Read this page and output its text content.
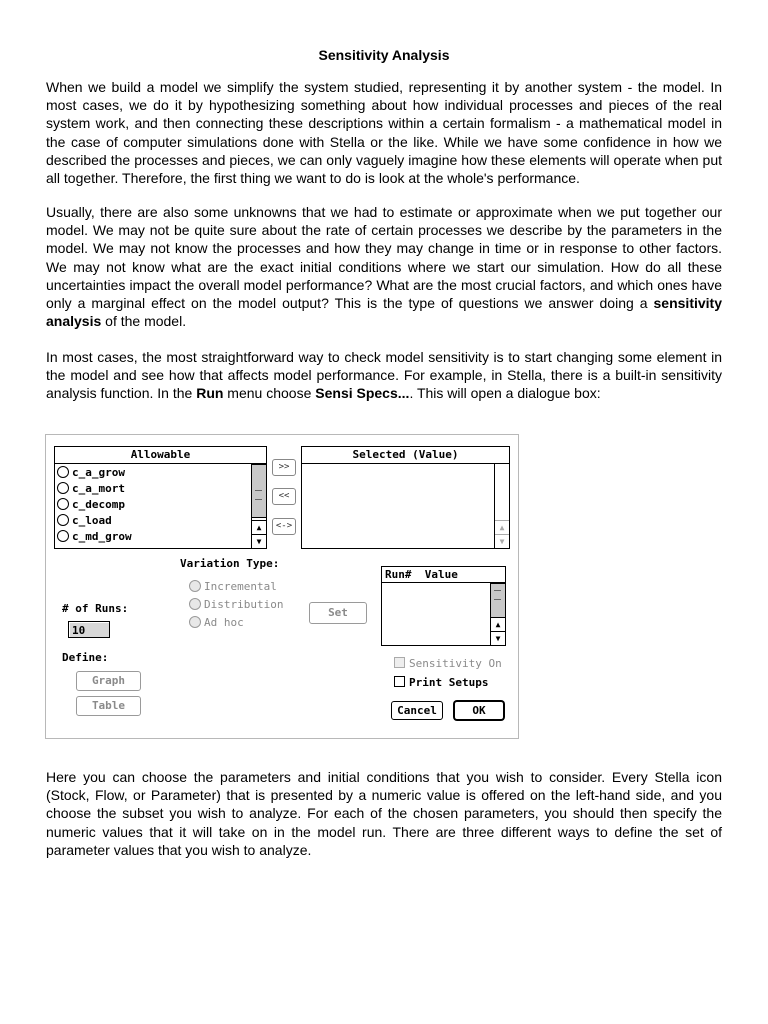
Sensitivity Analysis

When we build a model we simplify the system studied, representing it by another system - the model. In most cases, we do it by hypothesizing something about how individual processes and pieces of the real system work, and then connecting these descriptions within a certain formalism - a mathematical model in the case of computer simulations done with Stella or the like. While we have some confidence in how we described the processes and pieces, we can only vaguely imagine how these elements will operate when put all together. Therefore, the first thing we want to do is look at the whole's performance.

Usually, there are also some unknowns that we had to estimate or approximate when we put together our model. We may not be quite sure about the rate of certain processes we describe by the parameters in the model. We may not know the processes and how they may change in time or in response to other factors. We may not know what are the exact initial conditions where we start our simulation. How do all these uncertainties impact the overall model performance? What are the most crucial factors, and which ones have only a marginal effect on the model output? This is the type of questions we answer doing a sensitivity analysis of the model.

In most cases, the most straightforward way to check model sensitivity is to start changing some element in the model and see how that affects model performance. For example, in Stella, there is a built-in sensitivity analysis function. In the Run menu choose Sensi Specs.... This will open a dialogue box:

Allowable
c_a_grow
c_a_mort
c_decomp
c_load
c_md_grow
▲
▼
>>
<<
<->
Selected (Value)
▲
▼
Variation Type:
Incremental
Distribution
Ad hoc
# of Runs:
10
Set
Run#  Value
▲
▼
Define:
Graph
Table
Sensitivity On
Print Setups
Cancel	OK

Here you can choose the parameters and initial conditions that you wish to consider. Every Stella icon (Stock, Flow, or Parameter) that is presented by a numeric value is offered on the left-hand side, and you choose the subset you wish to analyze. For each of the chosen parameters, you should then specify the numeric values that it will take on in the model run. There are three different ways to define the set of parameter values that you wish to analyze.
